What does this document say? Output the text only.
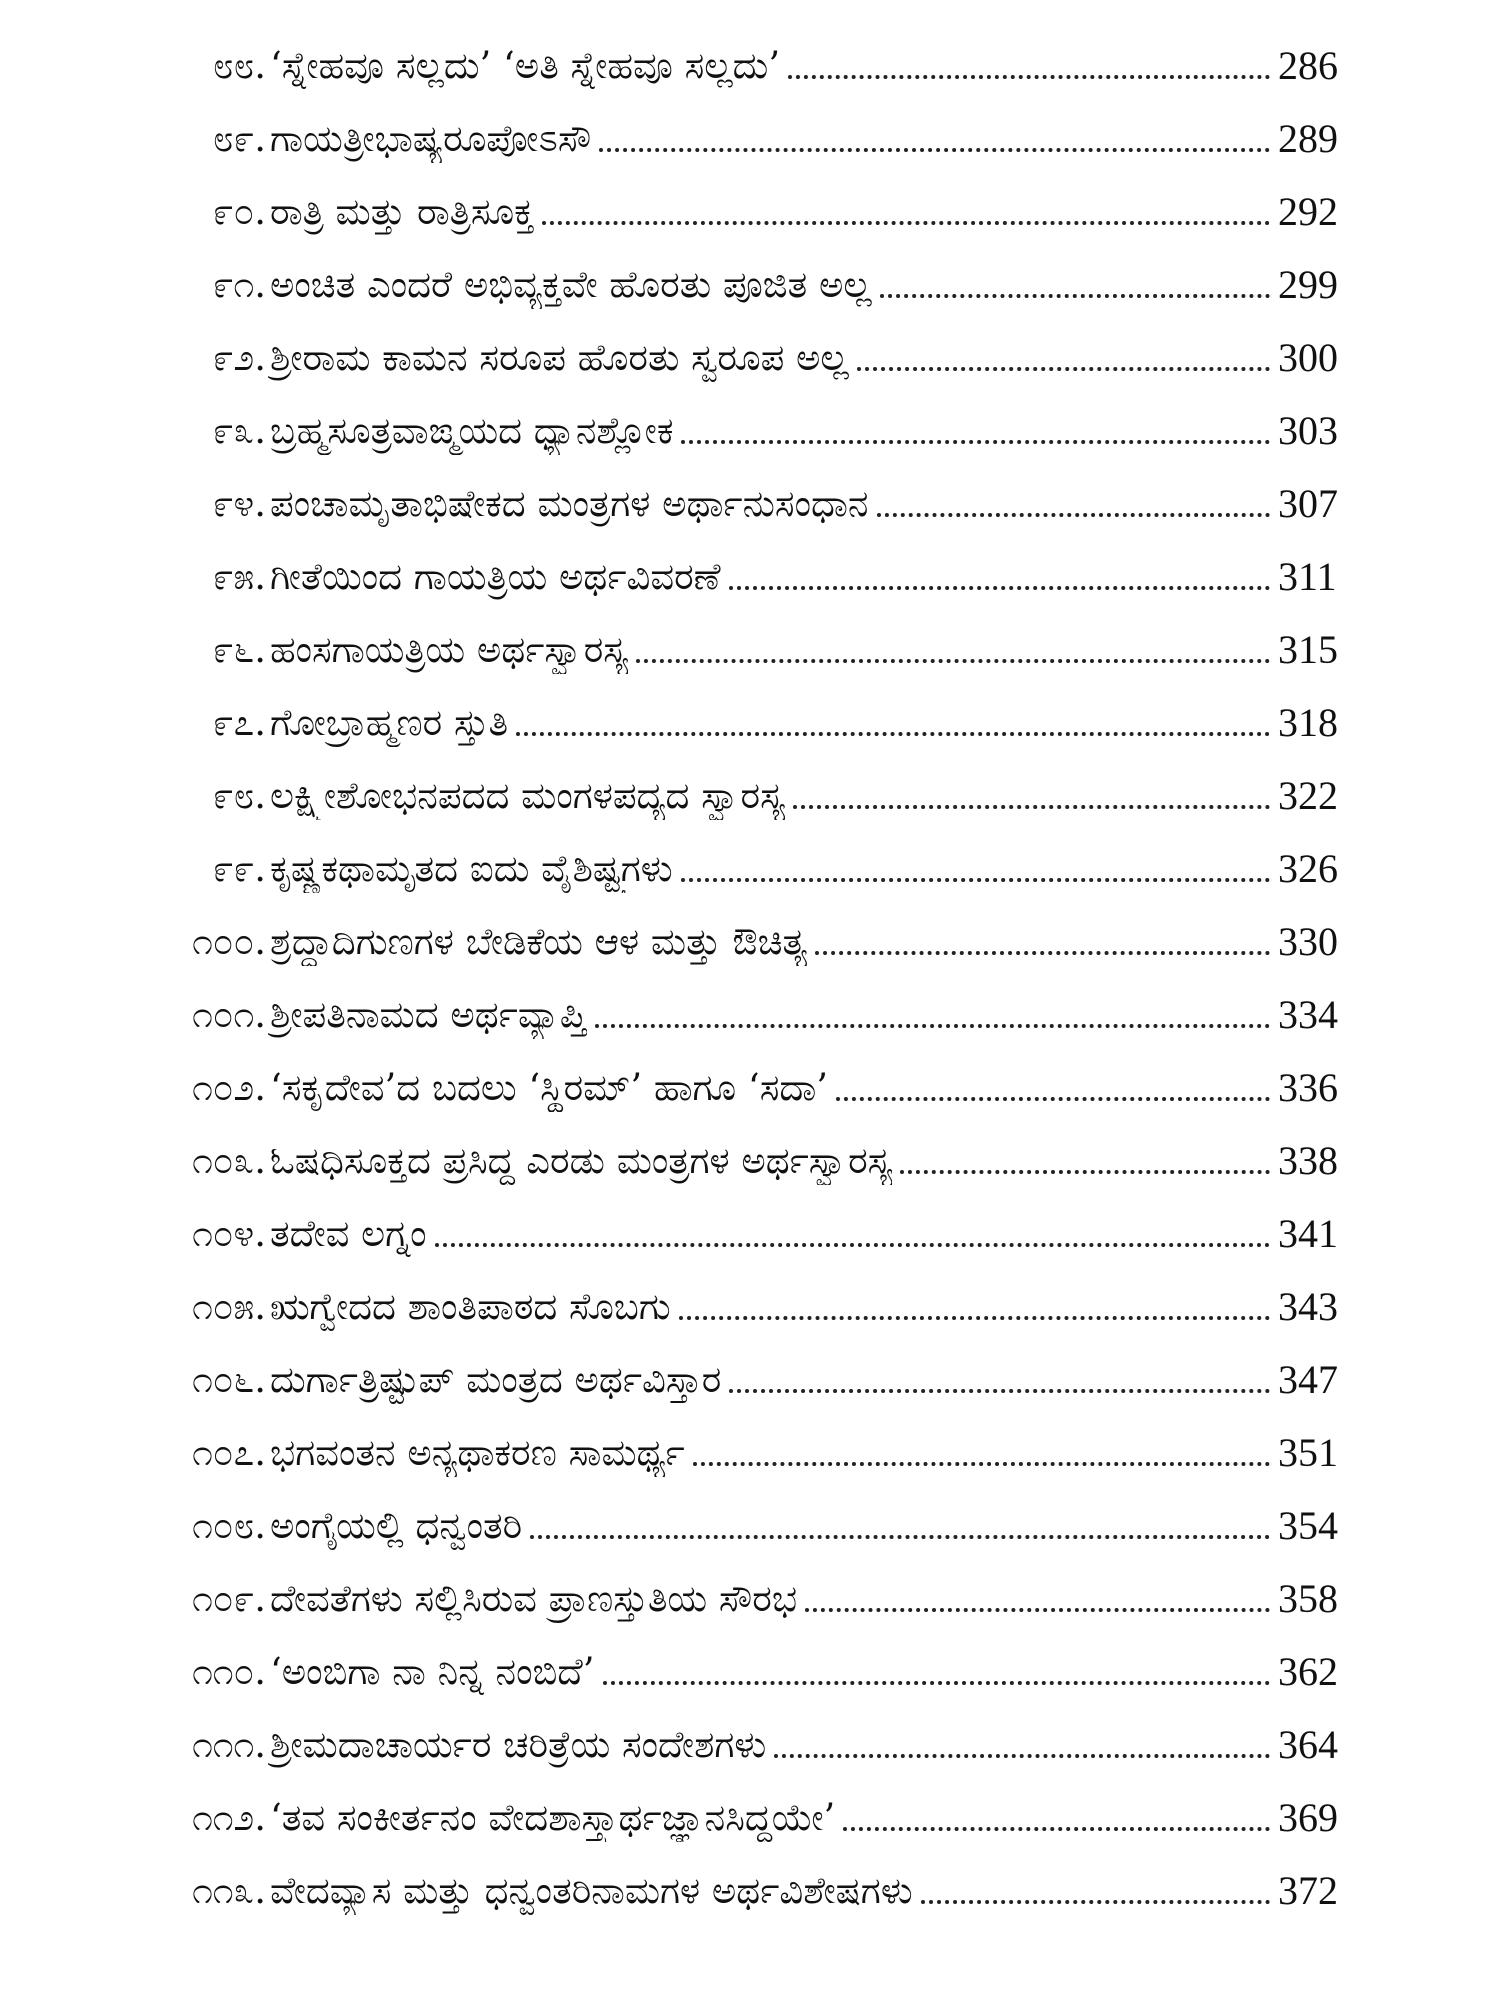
೮೮. ‘ಸ್ನೇಹವೂ ಸಲ್ಲದು’ ‘ಅತಿ ಸ್ನೇಹವೂ ಸಲ್ಲದು’	286
೮೯. ಗಾಯತ್ರೀಭಾಷ್ಯರೂಪೋಽಸೌ	289
೯೦. ರಾತ್ರಿ ಮತ್ತು ರಾತ್ರಿಸೂಕ್ತ	292
೯೧. ಅಂಚಿತ ಎಂದರೆ ಅಭಿವ್ಯಕ್ತವೇ ಹೊರತು ಪೂಜಿತ ಅಲ್ಲ	299
೯೨. ಶ್ರೀರಾಮ ಕಾಮನ ಸರೂಪ ಹೊರತು ಸ್ವರೂಪ ಅಲ್ಲ	300
೯೩. ಬ್ರಹ್ಮಸೂತ್ರವಾಙ್ಮಯದ ಧ್ಯಾನಶ್ಲೋಕ	303
೯೪. ಪಂಚಾಮೃತಾಭಿಷೇಕದ ಮಂತ್ರಗಳ ಅರ್ಥಾನುಸಂಧಾನ	307
೯೫. ಗೀತೆಯಿಂದ ಗಾಯತ್ರಿಯ ಅರ್ಥವಿವರಣೆ	311
೯೬. ಹಂಸಗಾಯತ್ರಿಯ ಅರ್ಥಸ್ವಾರಸ್ಯ	315
೯೭. ಗೋಬ್ರಾಹ್ಮಣರ ಸ್ತುತಿ	318
೯೮. ಲಕ್ಷ್ಮೀಶೋಭನಪದದ ಮಂಗಳಪದ್ಯದ ಸ್ವಾರಸ್ಯ	322
೯೯. ಕೃಷ್ಣಕಥಾಮೃತದ ಐದು ವೈಶಿಷ್ಟ್ಯಗಳು	326
೧೦೦. ಶ್ರದ್ಧಾದಿಗುಣಗಳ ಬೇಡಿಕೆಯ ಆಳ ಮತ್ತು ಔಚಿತ್ಯ	330
೧೦೧. ಶ್ರೀಪತಿನಾಮದ ಅರ್ಥವ್ಯಾಪ್ತಿ	334
೧೦೨. ‘ಸಕೃದೇವ’ದ ಬದಲು ‘ಸ್ಥಿರಮ್’ ಹಾಗೂ ‘ಸದಾ’	336
೧೦೩. ಓಷಧಿಸೂಕ್ತದ ಪ್ರಸಿದ್ಧ ಎರಡು ಮಂತ್ರಗಳ ಅರ್ಥಸ್ವಾರಸ್ಯ	338
೧೦೪. ತದೇವ ಲಗ್ನಂ	341
೧೦೫. ಋಗ್ವೇದದ ಶಾಂತಿಪಾಠದ ಸೊಬಗು	343
೧೦೬. ದುರ್ಗಾತ್ರಿಷ್ಟುಪ್ ಮಂತ್ರದ ಅರ್ಥವಿಸ್ತಾರ	347
೧೦೭. ಭಗವಂತನ ಅನ್ಯಥಾಕರಣ ಸಾಮರ್ಥ್ಯ	351
೧೦೮. ಅಂಗೈಯಲ್ಲಿ ಧನ್ವಂತರಿ	354
೧೦೯. ದೇವತೆಗಳು ಸಲ್ಲಿಸಿರುವ ಪ್ರಾಣಸ್ತುತಿಯ ಸೌರಭ	358
೧೧೦. ‘ಅಂಬಿಗಾ ನಾ ನಿನ್ನ ನಂಬಿದೆ’	362
೧೧೧. ಶ್ರೀಮದಾಚಾರ್ಯರ ಚರಿತ್ರೆಯ ಸಂದೇಶಗಳು	364
೧೧೨. ‘ತವ ಸಂಕೀರ್ತನಂ ವೇದಶಾಸ್ತ್ರಾರ್ಥಜ್ಞಾನಸಿದ್ಧಯೇ’	369
೧೧೩. ವೇದವ್ಯಾಸ ಮತ್ತು ಧನ್ವಂತರಿನಾಮಗಳ ಅರ್ಥವಿಶೇಷಗಳು	372
